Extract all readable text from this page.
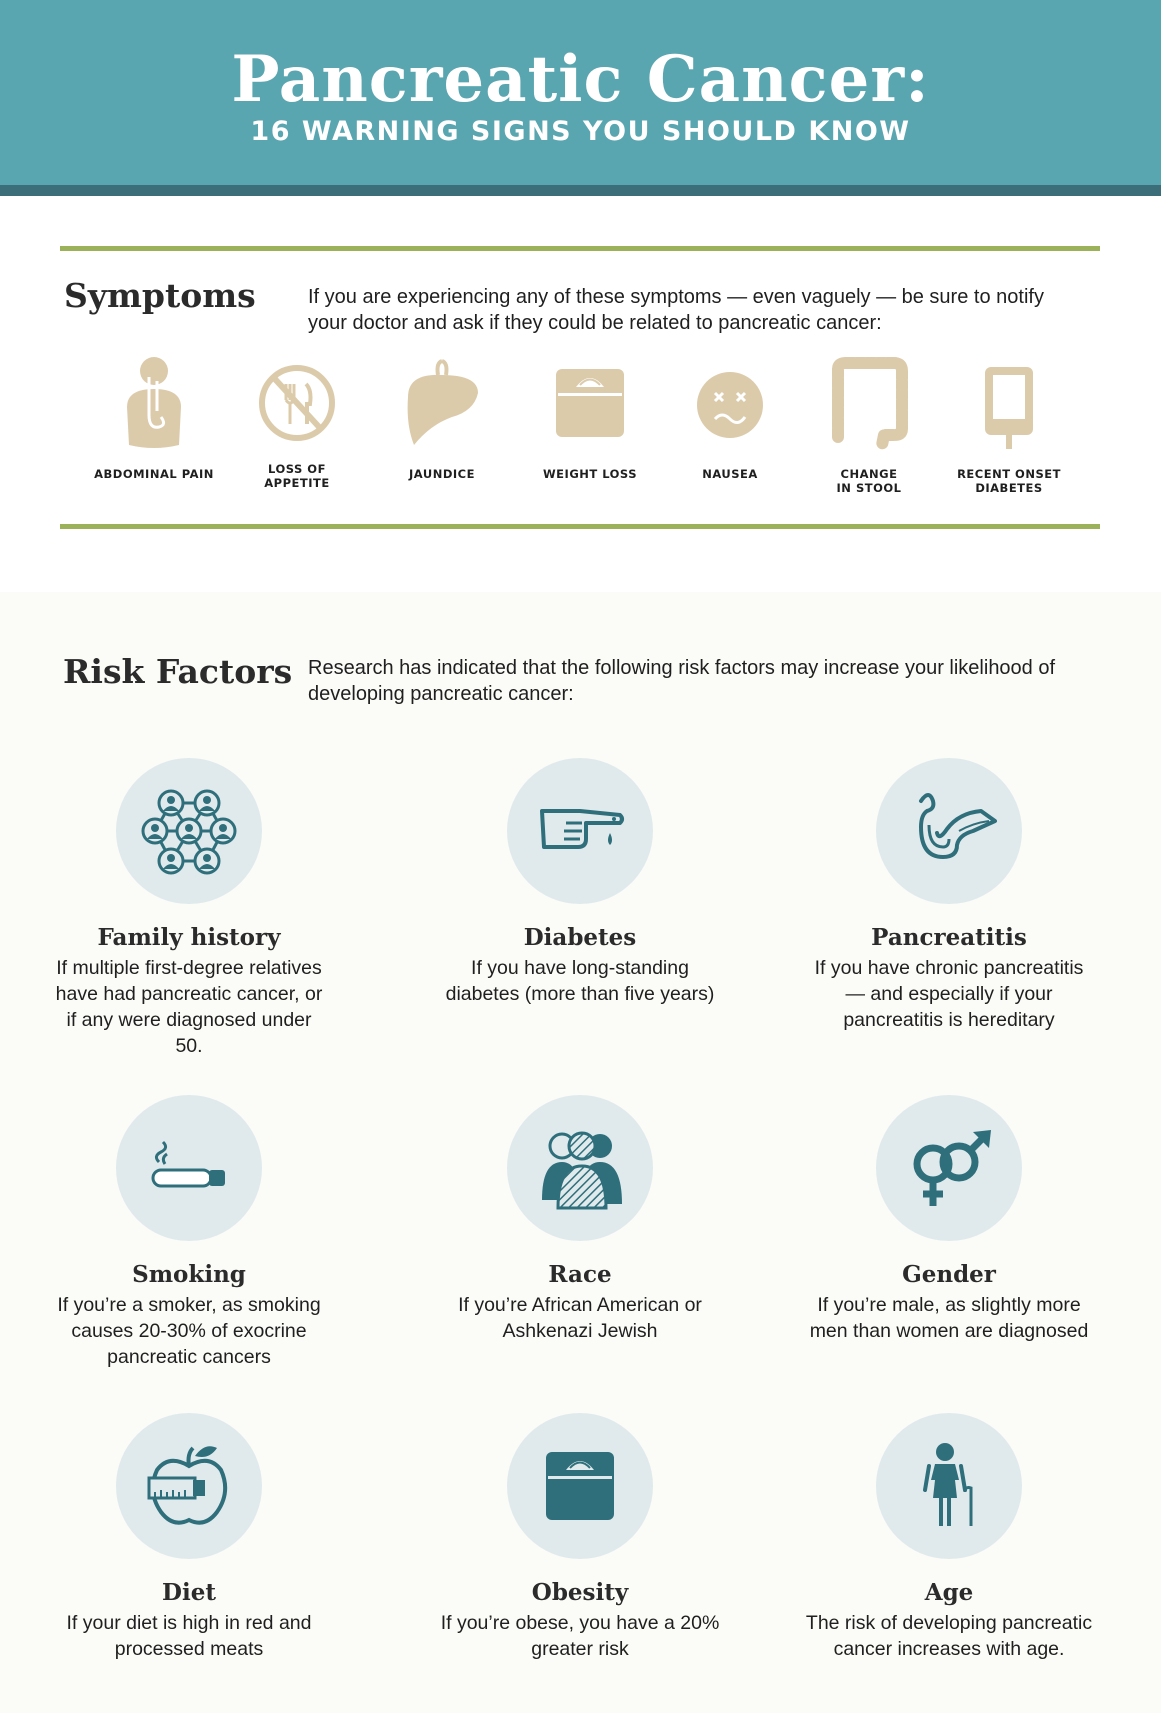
Pancreatic Cancer:
16 WARNING SIGNS YOU SHOULD KNOW
Symptoms	If you are experiencing any of these symptoms — even vaguely — be sure to notify your doctor and ask if they could be related to pancreatic cancer:
ABDOMINAL PAIN	LOSS OF
APPETITE
JAUNDICE	WEIGHT LOSS	NAUSEA	CHANGE
IN STOOL
RECENT ONSET
DIABETES
Risk Factors Research has indicated that the following risk factors may increase your likelihood of developing pancreatic cancer:
Family history
If multiple first-degree relatives have had pancreatic cancer, or if any were diagnosed under 50.
Diabetes
If you have long-standing diabetes (more than five years)
Pancreatitis
If you have chronic pancreatitis — and especially if your pancreatitis is hereditary
Smoking
If you’re a smoker, as smoking causes 20-30% of exocrine pancreatic cancers
Race
If you’re African American or Ashkenazi Jewish
Gender
If you’re male, as slightly more men than women are diagnosed
Diet
If your diet is high in red and processed meats
Obesity
If you’re obese, you have a 20% greater risk
Age
The risk of developing pancreatic cancer increases with age.
